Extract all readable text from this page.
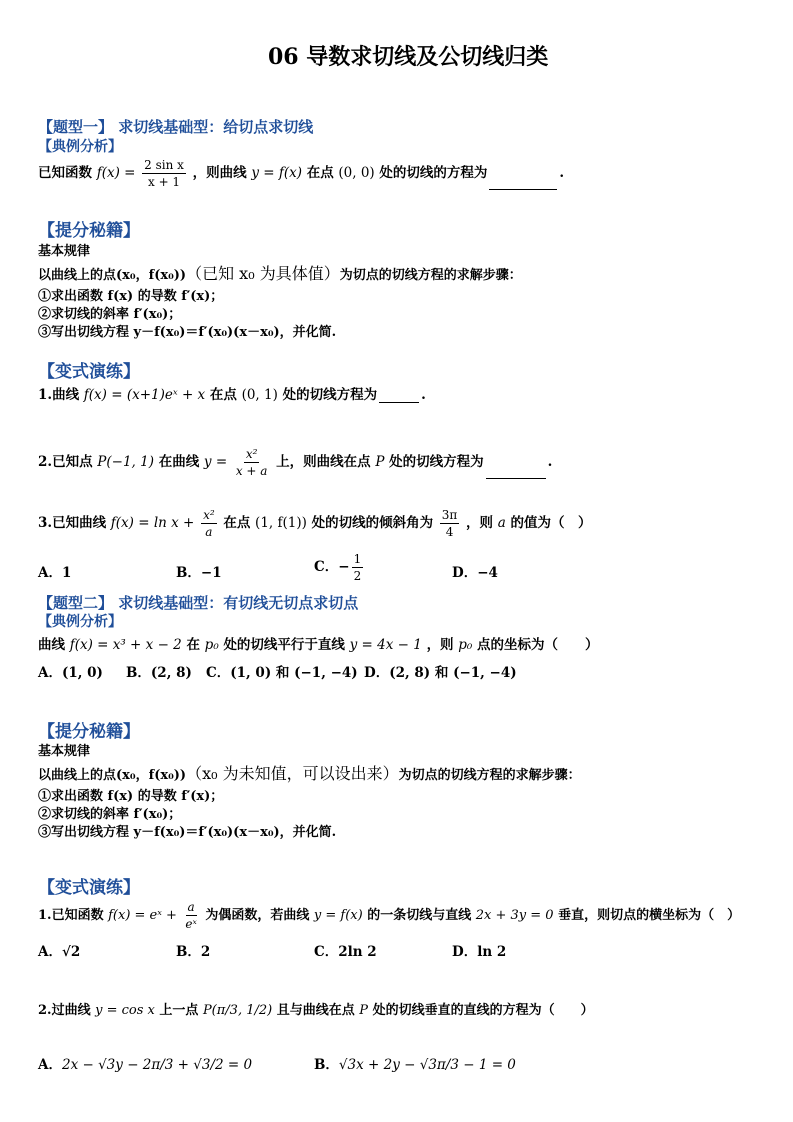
06 导数求切线及公切线归类
【题型一】 求切线基础型：给切点求切线
【典例分析】
已知函数 $f(x) = \frac{\text{2 sin x}}{x + 1}$ ，则曲线 y = f(x) 在点 (0, 0) 处的切线的方程为	.
【提分秘籍】
基本规律
以曲线上的点(x₀，f(x₀))（已知 x₀ 为具体值）为切点的切线方程的求解步骤：
①求出函数 f(x) 的导数 f′(x)；
②求切线的斜率 f′(x₀)；
③写出切线方程 y－f(x₀)＝f′(x₀)(x－x₀)，并化简.
【变式演练】
1.曲线 f(x) = (x+1)eˣ + x 在点 (0, 1) 处的切线方程为	.
2.已知点 P(−1, 1) 在曲线 $y = \frac{\text{x²}}{x + a}$ 上，则曲线在点 P 处的切线方程为	.
3.已知曲线 $f(x) = \ln x + \frac{\text{x²}}{a}$ 在点 (1, f(1)) 处的切线的倾斜角为 $\frac{3\pi}{4}$ ，则 a 的值为（　）
A．1	B．−1	C．− $\frac{1}{2}$	D．−4
【题型二】 求切线基础型：有切线无切点求切点
【典例分析】
曲线 f(x) = x³ + x − 2 在 p₀ 处的切线平行于直线 y = 4x − 1 ，则 p₀ 点的坐标为（　　）
A．(1, 0) B．(2, 8) C．(1, 0) 和 (−1, −4) D．(2, 8) 和 (−1, −4)
【提分秘籍】
基本规律
以曲线上的点(x₀，f(x₀))（x₀ 为未知值，可以设出来）为切点的切线方程的求解步骤：
①求出函数 f(x) 的导数 f′(x)；
②求切线的斜率 f′(x₀)；
③写出切线方程 y－f(x₀)＝f′(x₀)(x－x₀)，并化简.
【变式演练】
1.已知函数 f(x) = eˣ + $\frac{a}{\text{eˣ}}$ 为偶函数，若曲线 y = f(x) 的一条切线与直线 2x + 3y = 0 垂直，则切点的横坐标为（　）
A．√2	B．2	C．2ln 2	D．ln 2
2.过曲线 y = cos x 上一点 P(π/3, 1/2) 且与曲线在点 P 处的切线垂直的直线的方程为（　　）
A．2x − √3y − 2π/3 + √3/2 = 0	B．√3x + 2y − √3π/3 − 1 = 0
